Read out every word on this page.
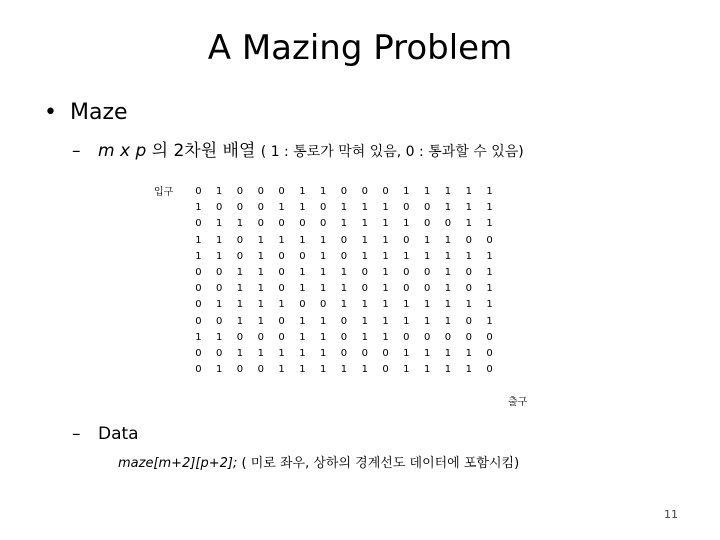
A Mazing Problem
• Maze
– m x p 의 2차원 배열 ( 1 : 통로가 막혀 있음, 0 : 통과할 수 있음)
입구
출구
0	1	0	0	0	1	1	0	0	0	1	1	1	1	1
1	0	0	0	1	1	0	1	1	1	0	0	1	1	1
0	1	1	0	0	0	0	1	1	1	1	0	0	1	1
1	1	0	1	1	1	1	0	1	1	0	1	1	0	0
1	1	0	1	0	0	1	0	1	1	1	1	1	1	1
0	0	1	1	0	1	1	1	0	1	0	0	1	0	1
0	0	1	1	0	1	1	1	0	1	0	0	1	0	1
0	1	1	1	1	0	0	1	1	1	1	1	1	1	1
0	0	1	1	0	1	1	0	1	1	1	1	1	0	1
1	1	0	0	0	1	1	0	1	1	0	0	0	0	0
0	0	1	1	1	1	1	0	0	0	1	1	1	1	0
0	1	0	0	1	1	1	1	1	0	1	1	1	1	0
– Data
maze[m+2][p+2]; ( 미로 좌우, 상하의 경계선도 데이터에 포함시킴)
11
